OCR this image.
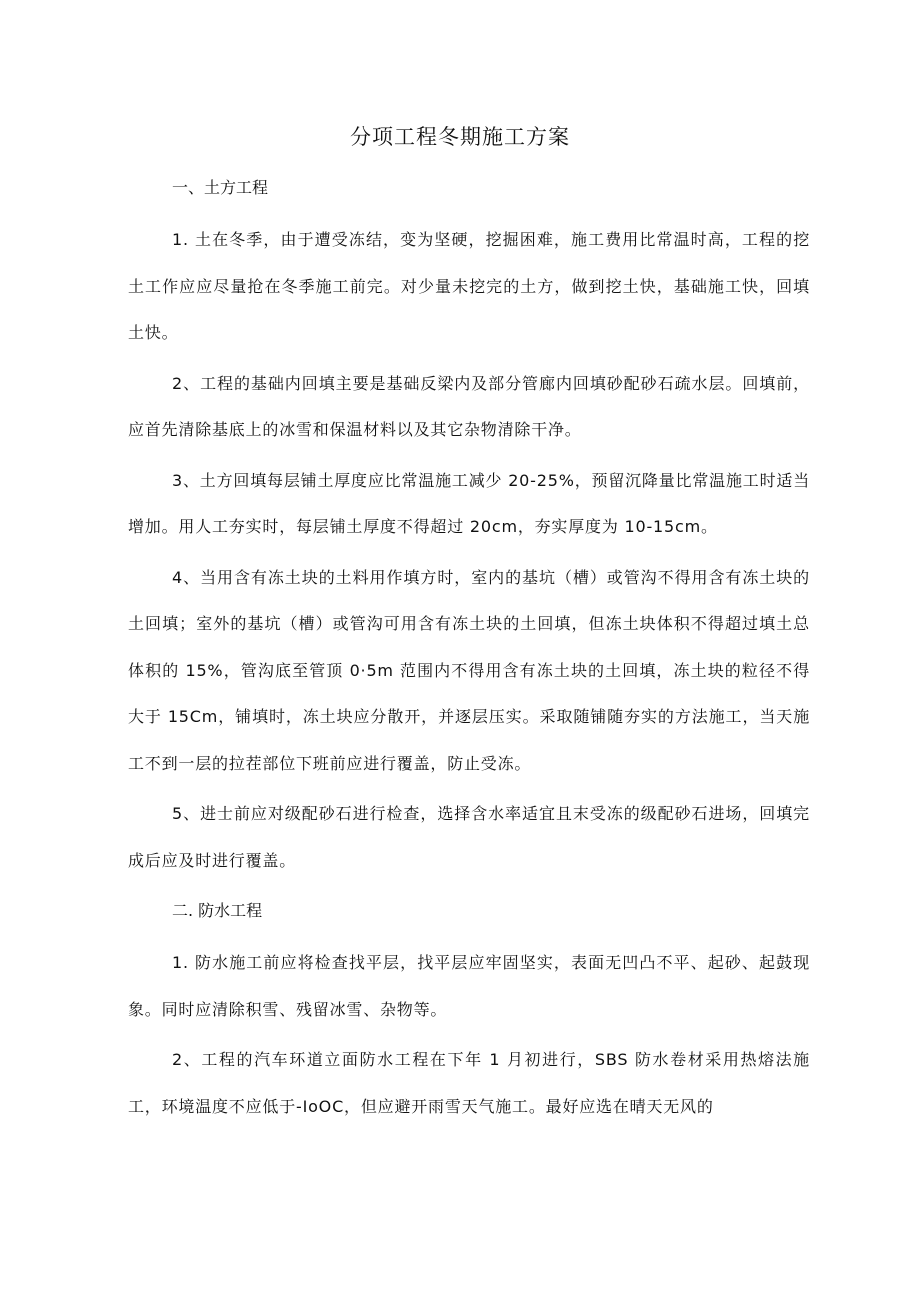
分项工程冬期施工方案

一、土方工程

1. 土在冬季，由于遭受冻结，变为坚硬，挖掘困难，施工费用比常温时高，工程的挖土工作应应尽量抢在冬季施工前完。对少量未挖完的土方，做到挖土快，基础施工快，回填土快。

2、工程的基础内回填主要是基础反梁内及部分管廊内回填砂配砂石疏水层。回填前，应首先清除基底上的冰雪和保温材料以及其它杂物清除干净。

3、土方回填每层铺土厚度应比常温施工减少 20-25%，预留沉降量比常温施工时适当增加。用人工夯实时，每层铺土厚度不得超过 20cm，夯实厚度为 10-15cm。

4、当用含有冻土块的土料用作填方时，室内的基坑（槽）或管沟不得用含有冻土块的土回填；室外的基坑（槽）或管沟可用含有冻土块的土回填，但冻土块体积不得超过填土总体积的 15%，管沟底至管顶 0·5m 范围内不得用含有冻土块的土回填，冻土块的粒径不得大于 15Cm，铺填时，冻土块应分散开，并逐层压实。采取随铺随夯实的方法施工，当天施工不到一层的拉茬部位下班前应进行覆盖，防止受冻。

5、进士前应对级配砂石进行检查，选择含水率适宜且末受冻的级配砂石进场，回填完成后应及时进行覆盖。

二. 防水工程

1. 防水施工前应将检查找平层，找平层应牢固坚实，表面无凹凸不平、起砂、起鼓现象。同时应清除积雪、残留冰雪、杂物等。

2、工程的汽车环道立面防水工程在下年 1 月初进行，SBS 防水卷材采用热熔法施工，环境温度不应低于-IoOC，但应避开雨雪天气施工。最好应选在晴天无风的
